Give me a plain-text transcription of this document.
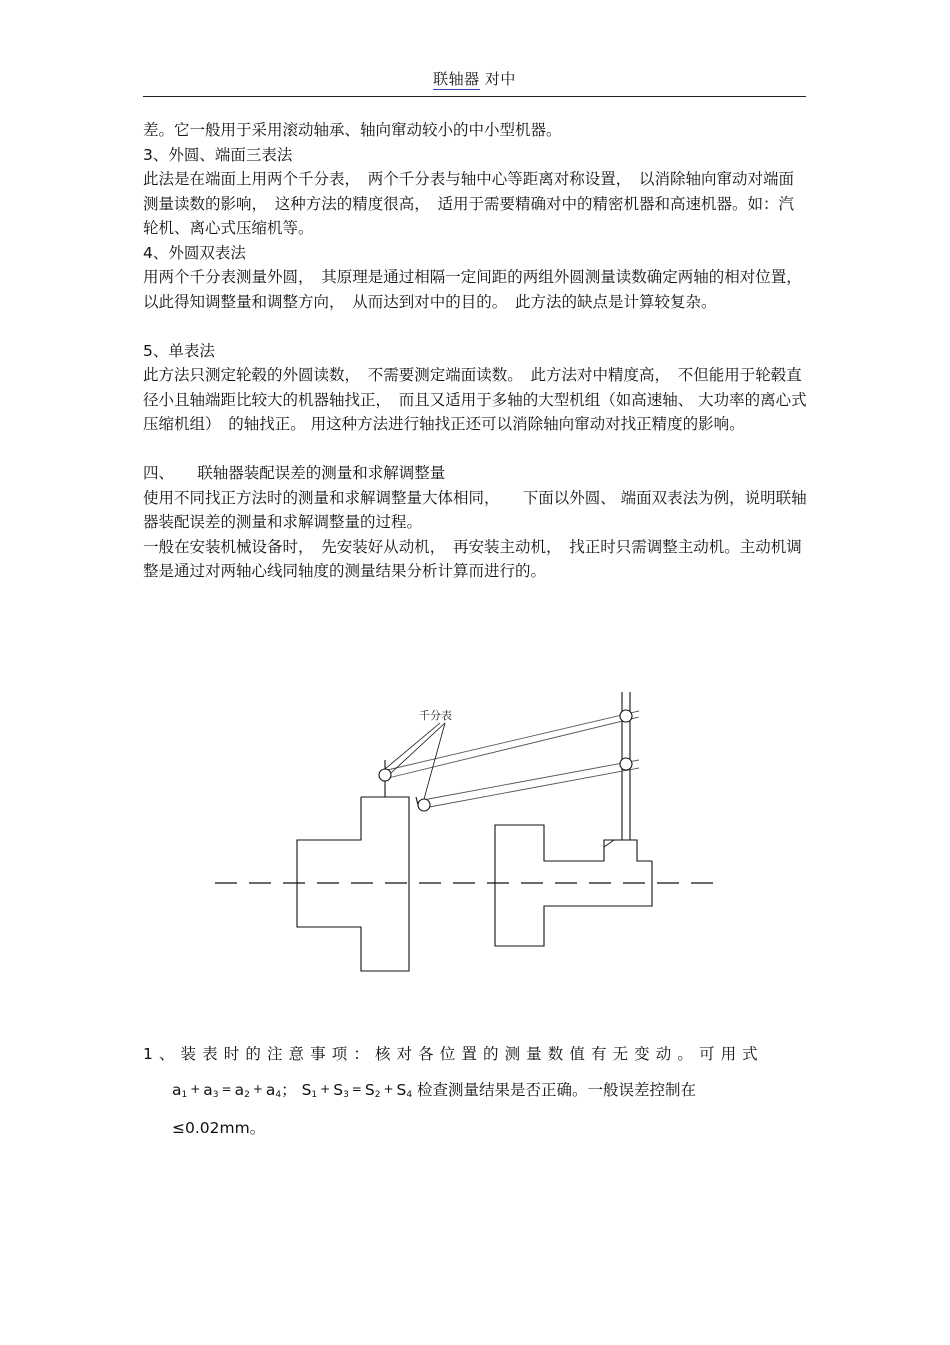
联轴器 对中

差。它一般用于采用滚动轴承、轴向窜动较小的中小型机器。

3、外圆、端面三表法

此法是在端面上用两个千分表，　两个千分表与轴中心等距离对称设置，　以消除轴向窜动对端面测量读数的影响，　这种方法的精度很高，　适用于需要精确对中的精密机器和高速机器。如：汽轮机、离心式压缩机等。

4、外圆双表法

用两个千分表测量外圆，　其原理是通过相隔一定间距的两组外圆测量读数确定两轴的相对位置，　以此得知调整量和调整方向，　从而达到对中的目的。　此方法的缺点是计算较复杂。

5、单表法

此方法只测定轮毂的外圆读数，　不需要测定端面读数。　此方法对中精度高，　不但能用于轮毂直径小且轴端距比较大的机器轴找正，　而且又适用于多轴的大型机组（如高速轴、 大功率的离心式压缩机组）　的轴找正。 用这种方法进行轴找正还可以消除轴向窜动对找正精度的影响。

四、　　联轴器装配误差的测量和求解调整量

使用不同找正方法时的测量和求解调整量大体相同，　　下面以外圆、 端面双表法为例，说明联轴器装配误差的测量和求解调整量的过程。

一般在安装机械设备时，　先安装好从动机，　再安装主动机，　找正时只需调整主动机。主动机调整是通过对两轴心线同轴度的测量结果分析计算而进行的。

千分表
1、装表时的注意事项：核对各位置的测量数值有无变动。可用式
$a_1 + a_3 = a_2 + a_4$； $S_1 + S_3 = S_2 + S_4$ 检查测量结果是否正确。一般误差控制在
≤0.02mm。
